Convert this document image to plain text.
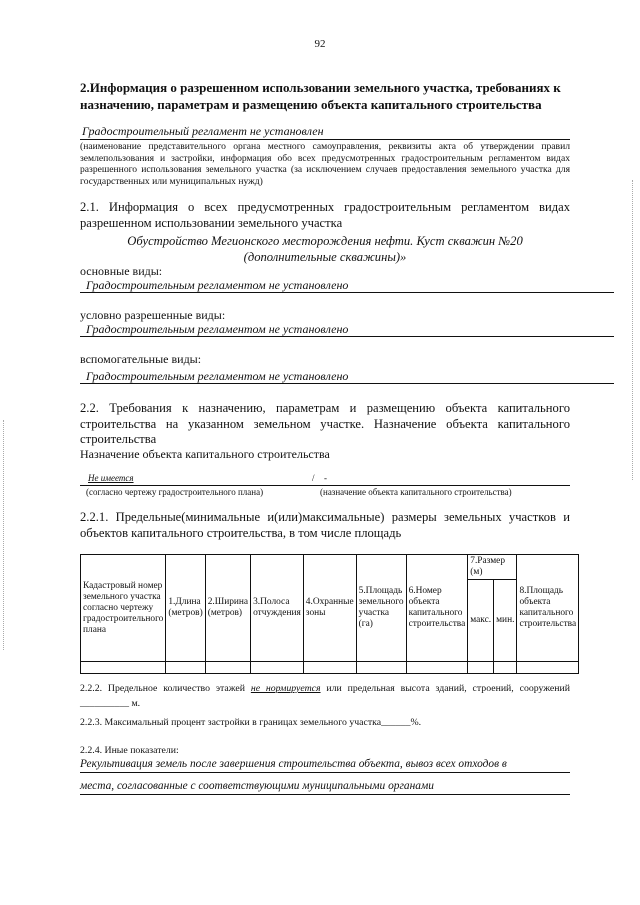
92
2.Информация о разрешенном использовании земельного участка, требованиях к назначению, параметрам и размещению объекта капитального строительства
Градостроительный регламент не установлен
(наименование представительного органа местного самоуправления, реквизиты акта об утверждении правил землепользования и застройки, информация обо всех предусмотренных градостроительным регламентом видах разрешенного использования земельного участка (за исключением случаев предоставления земельного участка для государственных или муниципальных нужд)
2.1. Информация о всех предусмотренных градостроительным регламентом видах разрешенном использовании земельного участка
Обустройство Мегионского месторождения нефти. Куст скважин №20
(дополнительные скважины)»
основные виды:
Градостроительным регламентом не установлено
условно разрешенные виды:
Градостроительным регламентом не установлено
вспомогательные виды:
Градостроительным регламентом не установлено
2.2. Требования к назначению, параметрам и размещению объекта капитального строительства на указанном земельном участке. Назначение объекта капитального строительства
Назначение объекта капитального строительства
Не имеется	/ -
(согласно чертежу градостроительного плана)	(назначение объекта капитального строительства)
2.2.1. Предельные(минимальные и(или)максимальные) размеры земельных участков и объектов капитального строительства, в том числе площадь
Кадастровый номер земельного участка согласно чертежу градостроительного плана	1.Длина (метров)	2.Ширина (метров)	3.Полоса отчуждения	4.Охранные зоны	5.Площадь земельного участка (га)	6.Номер объекта капитального строительства	7.Размер (м)		8.Площадь объекта капитального строительства
							макс.	мин.	

2.2.2. Предельное количество этажей не нормируется или предельная высота зданий, строений, сооружений __________ м.
2.2.3. Максимальный процент застройки в границах земельного участка______%.
2.2.4. Иные показатели:
Рекультивация земель после завершения строительства объекта, вывоз всех отходов в
места, согласованные с соответствующими муниципальными органами
